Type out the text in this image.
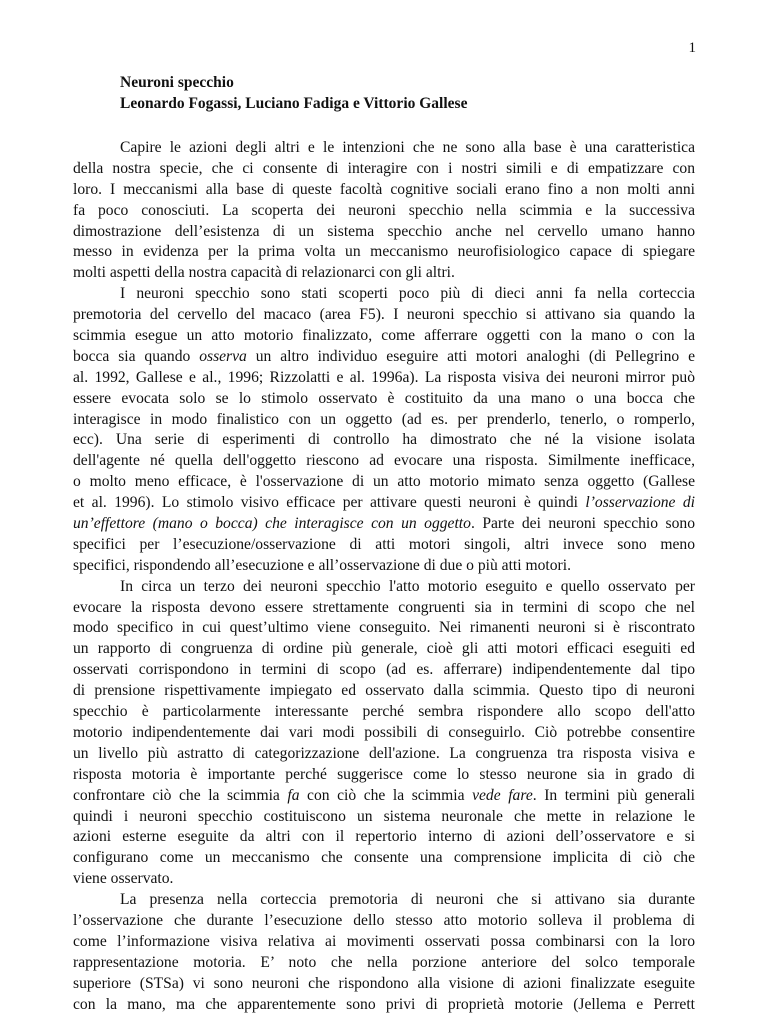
1
Neuroni specchio
Leonardo Fogassi, Luciano Fadiga e Vittorio Gallese
Capire le azioni degli altri e le intenzioni che ne sono alla base è una caratteristica
della nostra specie, che ci consente di interagire con i nostri simili e di empatizzare con
loro. I meccanismi alla base di queste facoltà cognitive sociali erano fino a non molti anni
fa poco conosciuti. La scoperta dei neuroni specchio nella scimmia e la successiva
dimostrazione dell’esistenza di un sistema specchio anche nel cervello umano hanno
messo in evidenza per la prima volta un meccanismo neurofisiologico capace di spiegare
molti aspetti della nostra capacità di relazionarci con gli altri.
I neuroni specchio sono stati scoperti poco più di dieci anni fa nella corteccia
premotoria del cervello del macaco (area F5). I neuroni specchio si attivano sia quando la
scimmia esegue un atto motorio finalizzato, come afferrare oggetti con la mano o con la
bocca sia quando osserva un altro individuo eseguire atti motori analoghi (di Pellegrino e
al. 1992, Gallese e al., 1996; Rizzolatti e al. 1996a). La risposta visiva dei neuroni mirror può
essere evocata solo se lo stimolo osservato è costituito da una mano o una bocca che
interagisce in modo finalistico con un oggetto (ad es. per prenderlo, tenerlo, o romperlo,
ecc). Una serie di esperimenti di controllo ha dimostrato che né la visione isolata
dell'agente né quella dell'oggetto riescono ad evocare una risposta. Similmente inefficace,
o molto meno efficace, è l'osservazione di un atto motorio mimato senza oggetto (Gallese
et al. 1996). Lo stimolo visivo efficace per attivare questi neuroni è quindi l’osservazione di
un’effettore (mano o bocca) che interagisce con un oggetto. Parte dei neuroni specchio sono
specifici per l’esecuzione/osservazione di atti motori singoli, altri invece sono meno
specifici, rispondendo all’esecuzione e all’osservazione di due o più atti motori.
In circa un terzo dei neuroni specchio l'atto motorio eseguito e quello osservato per
evocare la risposta devono essere strettamente congruenti sia in termini di scopo che nel
modo specifico in cui quest’ultimo viene conseguito. Nei rimanenti neuroni si è riscontrato
un rapporto di congruenza di ordine più generale, cioè gli atti motori efficaci eseguiti ed
osservati corrispondono in termini di scopo (ad es. afferrare) indipendentemente dal tipo
di prensione rispettivamente impiegato ed osservato dalla scimmia. Questo tipo di neuroni
specchio è particolarmente interessante perché sembra rispondere allo scopo dell'atto
motorio indipendentemente dai vari modi possibili di conseguirlo. Ciò potrebbe consentire
un livello più astratto di categorizzazione dell'azione. La congruenza tra risposta visiva e
risposta motoria è importante perché suggerisce come lo stesso neurone sia in grado di
confrontare ciò che la scimmia fa con ciò che la scimmia vede fare. In termini più generali
quindi i neuroni specchio costituiscono un sistema neuronale che mette in relazione le
azioni esterne eseguite da altri con il repertorio interno di azioni dell’osservatore e si
configurano come un meccanismo che consente una comprensione implicita di ciò che
viene osservato.
La presenza nella corteccia premotoria di neuroni che si attivano sia durante
l’osservazione che durante l’esecuzione dello stesso atto motorio solleva il problema di
come l’informazione visiva relativa ai movimenti osservati possa combinarsi con la loro
rappresentazione motoria. E’ noto che nella porzione anteriore del solco temporale
superiore (STSa) vi sono neuroni che rispondono alla visione di azioni finalizzate eseguite
con la mano, ma che apparentemente sono privi di proprietà motorie (Jellema e Perrett
